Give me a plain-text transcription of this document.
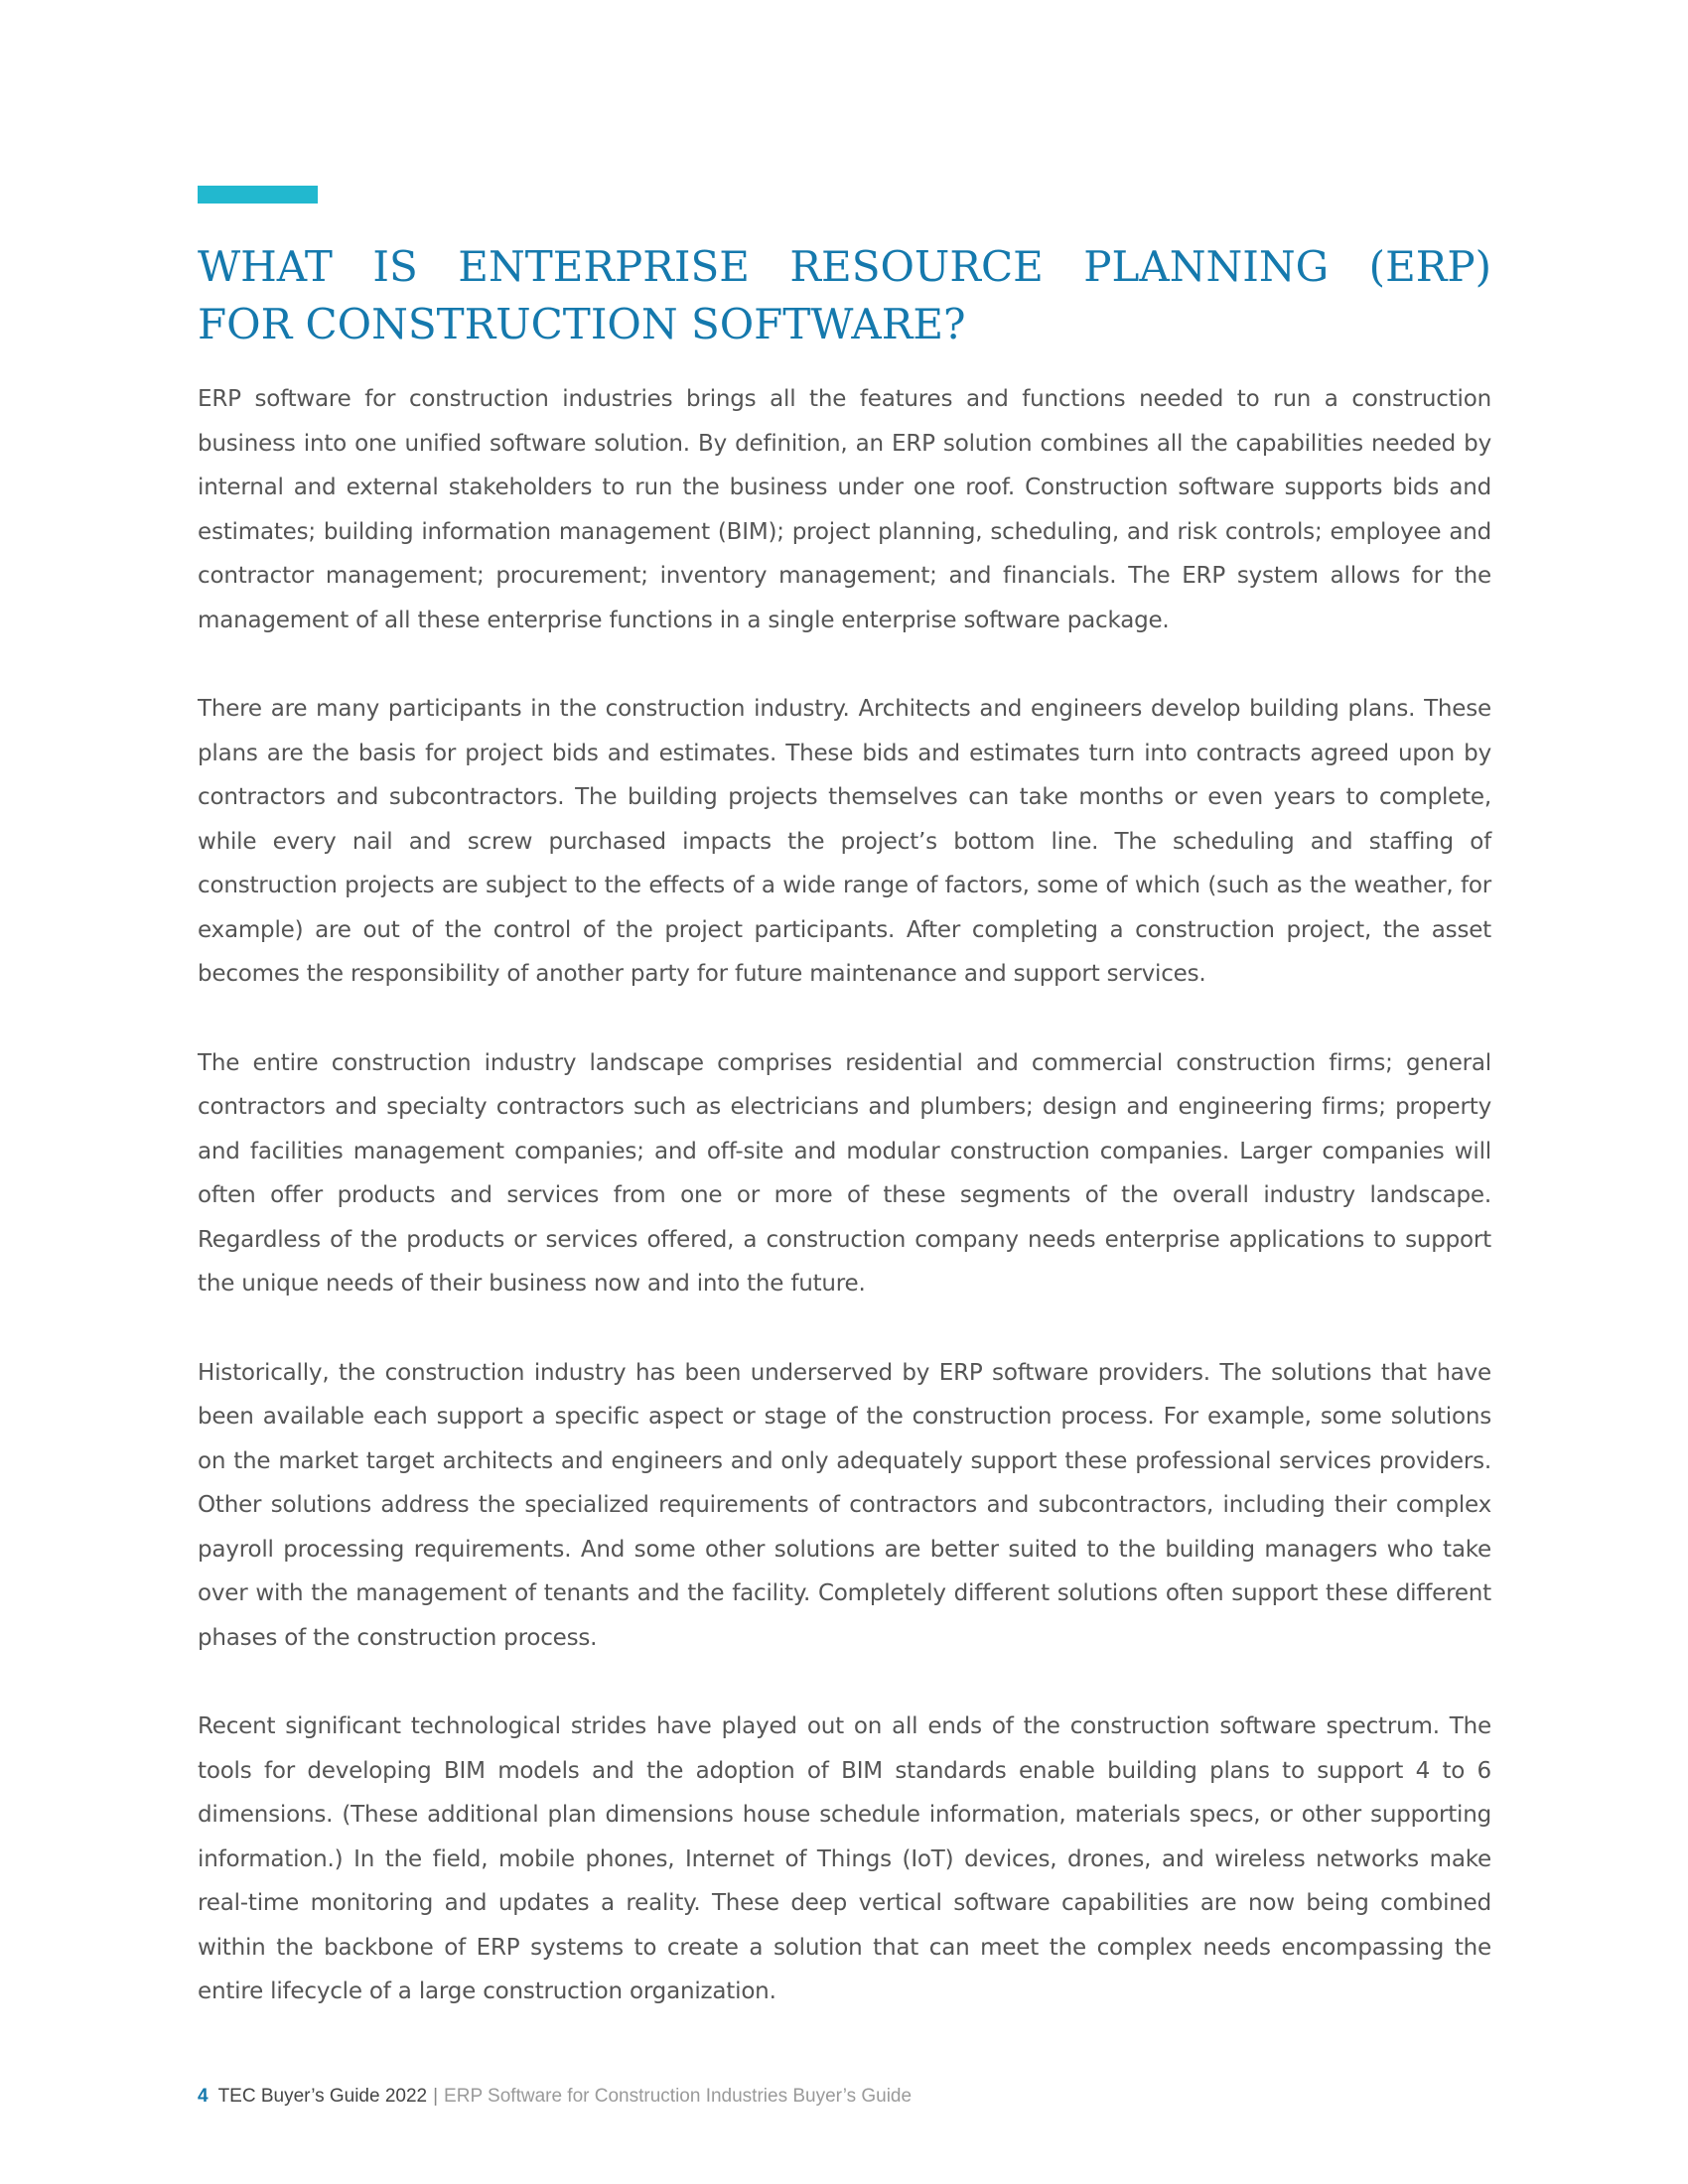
WHAT IS ENTERPRISE RESOURCE PLANNING (ERP)
FOR CONSTRUCTION SOFTWARE?

ERP software for construction industries brings all the features and functions needed to run a construction business into one unified software solution. By definition, an ERP solution combines all the capabilities needed by internal and external stakeholders to run the business under one roof. Construction software supports bids and estimates; building information management (BIM); project planning, scheduling, and risk controls; employee and contractor management; procurement; inventory management; and financials. The ERP system allows for the management of all these enterprise functions in a single enterprise software package.

There are many participants in the construction industry. Architects and engineers develop building plans. These plans are the basis for project bids and estimates. These bids and estimates turn into contracts agreed upon by contractors and subcontractors. The building projects themselves can take months or even years to complete, while every nail and screw purchased impacts the project’s bottom line. The scheduling and staffing of construction projects are subject to the effects of a wide range of factors, some of which (such as the weather, for example) are out of the control of the project participants. After completing a construction project, the asset becomes the responsibility of another party for future maintenance and support services.

The entire construction industry landscape comprises residential and commercial construction firms; general contractors and specialty contractors such as electricians and plumbers; design and engineering firms; property and facilities management companies; and off-site and modular construction companies. Larger companies will often offer products and services from one or more of these segments of the overall industry landscape. Regardless of the products or services offered, a construction company needs enterprise applications to support the unique needs of their business now and into the future.

Historically, the construction industry has been underserved by ERP software providers. The solutions that have been available each support a specific aspect or stage of the construction process. For example, some solutions on the market target architects and engineers and only adequately support these professional services providers. Other solutions address the specialized requirements of contractors and subcontractors, including their complex payroll processing requirements. And some other solutions are better suited to the building managers who take over with the management of tenants and the facility. Completely different solutions often support these different phases of the construction process.

Recent significant technological strides have played out on all ends of the construction software spectrum. The tools for developing BIM models and the adoption of BIM standards enable building plans to support 4 to 6 dimensions. (These additional plan dimensions house schedule information, materials specs, or other supporting information.) In the field, mobile phones, Internet of Things (IoT) devices, drones, and wireless networks make real-time monitoring and updates a reality. These deep vertical software capabilities are now being combined within the backbone of ERP systems to create a solution that can meet the complex needs encompassing the entire lifecycle of a large construction organization.

4 TEC Buyer’s Guide 2022 | ERP Software for Construction Industries Buyer’s Guide
